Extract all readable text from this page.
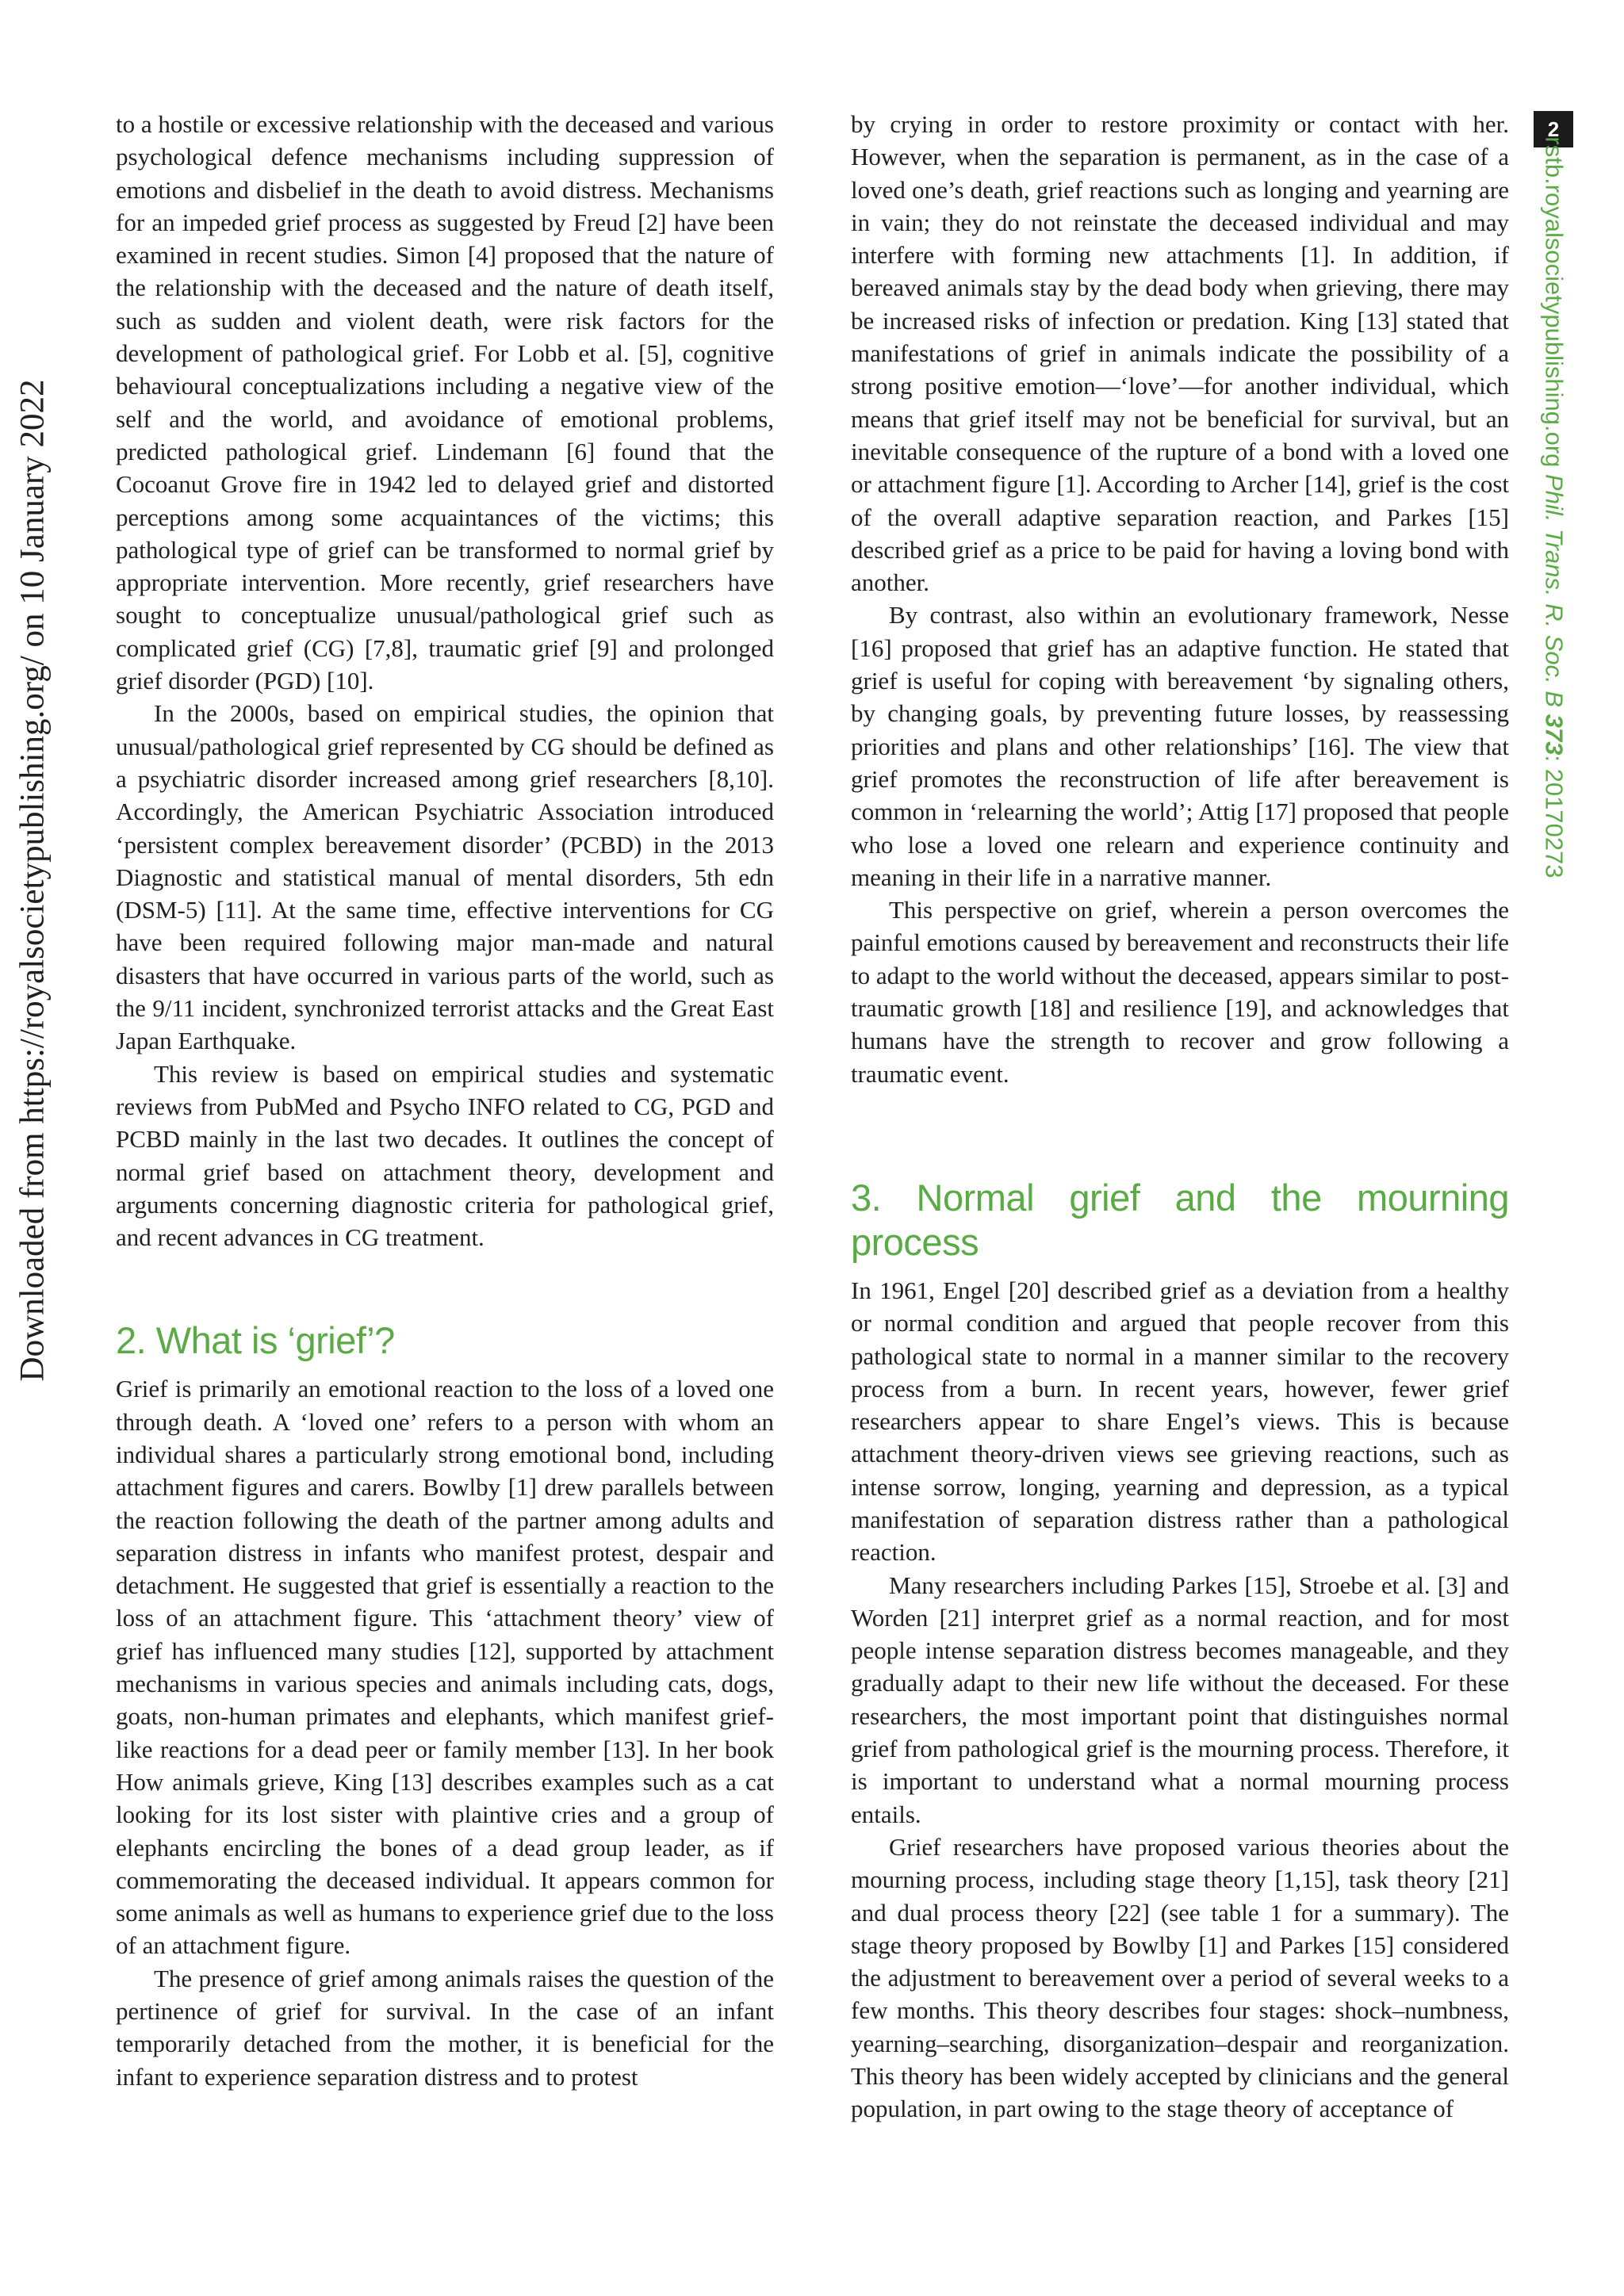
Downloaded from https://royalsocietypublishing.org/ on 10 January 2022
2
rstb.royalsocietypublishing.org Phil. Trans. R. Soc. B 373: 20170273

to a hostile or excessive relationship with the deceased and various psychological defence mechanisms including suppression of emotions and disbelief in the death to avoid distress. Mechanisms for an impeded grief process as suggested by Freud [2] have been examined in recent studies. Simon [4] proposed that the nature of the relationship with the deceased and the nature of death itself, such as sudden and violent death, were risk factors for the development of pathological grief. For Lobb et al. [5], cognitive behavioural conceptualizations including a negative view of the self and the world, and avoidance of emotional problems, predicted pathological grief. Lindemann [6] found that the Cocoanut Grove fire in 1942 led to delayed grief and distorted perceptions among some acquaintances of the victims; this pathological type of grief can be transformed to normal grief by appropriate intervention. More recently, grief researchers have sought to conceptualize unusual/pathological grief such as complicated grief (CG) [7,8], traumatic grief [9] and prolonged grief disorder (PGD) [10].

In the 2000s, based on empirical studies, the opinion that unusual/pathological grief represented by CG should be defined as a psychiatric disorder increased among grief researchers [8,10]. Accordingly, the American Psychiatric Association introduced ‘persistent complex bereavement disorder’ (PCBD) in the 2013 Diagnostic and statistical manual of mental disorders, 5th edn (DSM-5) [11]. At the same time, effective interventions for CG have been required following major man-made and natural disasters that have occurred in various parts of the world, such as the 9/11 incident, synchronized terrorist attacks and the Great East Japan Earthquake.

This review is based on empirical studies and systematic reviews from PubMed and Psycho INFO related to CG, PGD and PCBD mainly in the last two decades. It outlines the concept of normal grief based on attachment theory, development and arguments concerning diagnostic criteria for pathological grief, and recent advances in CG treatment.

2. What is ‘grief’?

Grief is primarily an emotional reaction to the loss of a loved one through death. A ‘loved one’ refers to a person with whom an individual shares a particularly strong emotional bond, including attachment figures and carers. Bowlby [1] drew parallels between the reaction following the death of the partner among adults and separation distress in infants who manifest protest, despair and detachment. He suggested that grief is essentially a reaction to the loss of an attachment figure. This ‘attachment theory’ view of grief has influenced many studies [12], supported by attachment mechanisms in various species and animals including cats, dogs, goats, non-human primates and elephants, which manifest grief-like reactions for a dead peer or family member [13]. In her book How animals grieve, King [13] describes examples such as a cat looking for its lost sister with plaintive cries and a group of elephants encircling the bones of a dead group leader, as if commemorating the deceased individual. It appears common for some animals as well as humans to experience grief due to the loss of an attachment figure.

The presence of grief among animals raises the question of the pertinence of grief for survival. In the case of an infant temporarily detached from the mother, it is beneficial for the infant to experience separation distress and to protest

by crying in order to restore proximity or contact with her. However, when the separation is permanent, as in the case of a loved one’s death, grief reactions such as longing and yearning are in vain; they do not reinstate the deceased individual and may interfere with forming new attachments [1]. In addition, if bereaved animals stay by the dead body when grieving, there may be increased risks of infection or predation. King [13] stated that manifestations of grief in animals indicate the possibility of a strong positive emotion—‘love’—for another individual, which means that grief itself may not be beneficial for survival, but an inevitable consequence of the rupture of a bond with a loved one or attachment figure [1]. According to Archer [14], grief is the cost of the overall adaptive separation reaction, and Parkes [15] described grief as a price to be paid for having a loving bond with another.

By contrast, also within an evolutionary framework, Nesse [16] proposed that grief has an adaptive function. He stated that grief is useful for coping with bereavement ‘by signaling others, by changing goals, by preventing future losses, by reassessing priorities and plans and other relationships’ [16]. The view that grief promotes the reconstruction of life after bereavement is common in ‘relearning the world’; Attig [17] proposed that people who lose a loved one relearn and experience continuity and meaning in their life in a narrative manner.

This perspective on grief, wherein a person overcomes the painful emotions caused by bereavement and reconstructs their life to adapt to the world without the deceased, appears similar to post-traumatic growth [18] and resilience [19], and acknowledges that humans have the strength to recover and grow following a traumatic event.

3. Normal grief and the mourning process

In 1961, Engel [20] described grief as a deviation from a healthy or normal condition and argued that people recover from this pathological state to normal in a manner similar to the recovery process from a burn. In recent years, however, fewer grief researchers appear to share Engel’s views. This is because attachment theory-driven views see grieving reactions, such as intense sorrow, longing, yearning and depression, as a typical manifestation of separation distress rather than a pathological reaction.

Many researchers including Parkes [15], Stroebe et al. [3] and Worden [21] interpret grief as a normal reaction, and for most people intense separation distress becomes manageable, and they gradually adapt to their new life without the deceased. For these researchers, the most important point that distinguishes normal grief from pathological grief is the mourning process. Therefore, it is important to understand what a normal mourning process entails.

Grief researchers have proposed various theories about the mourning process, including stage theory [1,15], task theory [21] and dual process theory [22] (see table 1 for a summary). The stage theory proposed by Bowlby [1] and Parkes [15] considered the adjustment to bereavement over a period of several weeks to a few months. This theory describes four stages: shock–numbness, yearning–searching, disorganization–despair and reorganization. This theory has been widely accepted by clinicians and the general population, in part owing to the stage theory of acceptance of
